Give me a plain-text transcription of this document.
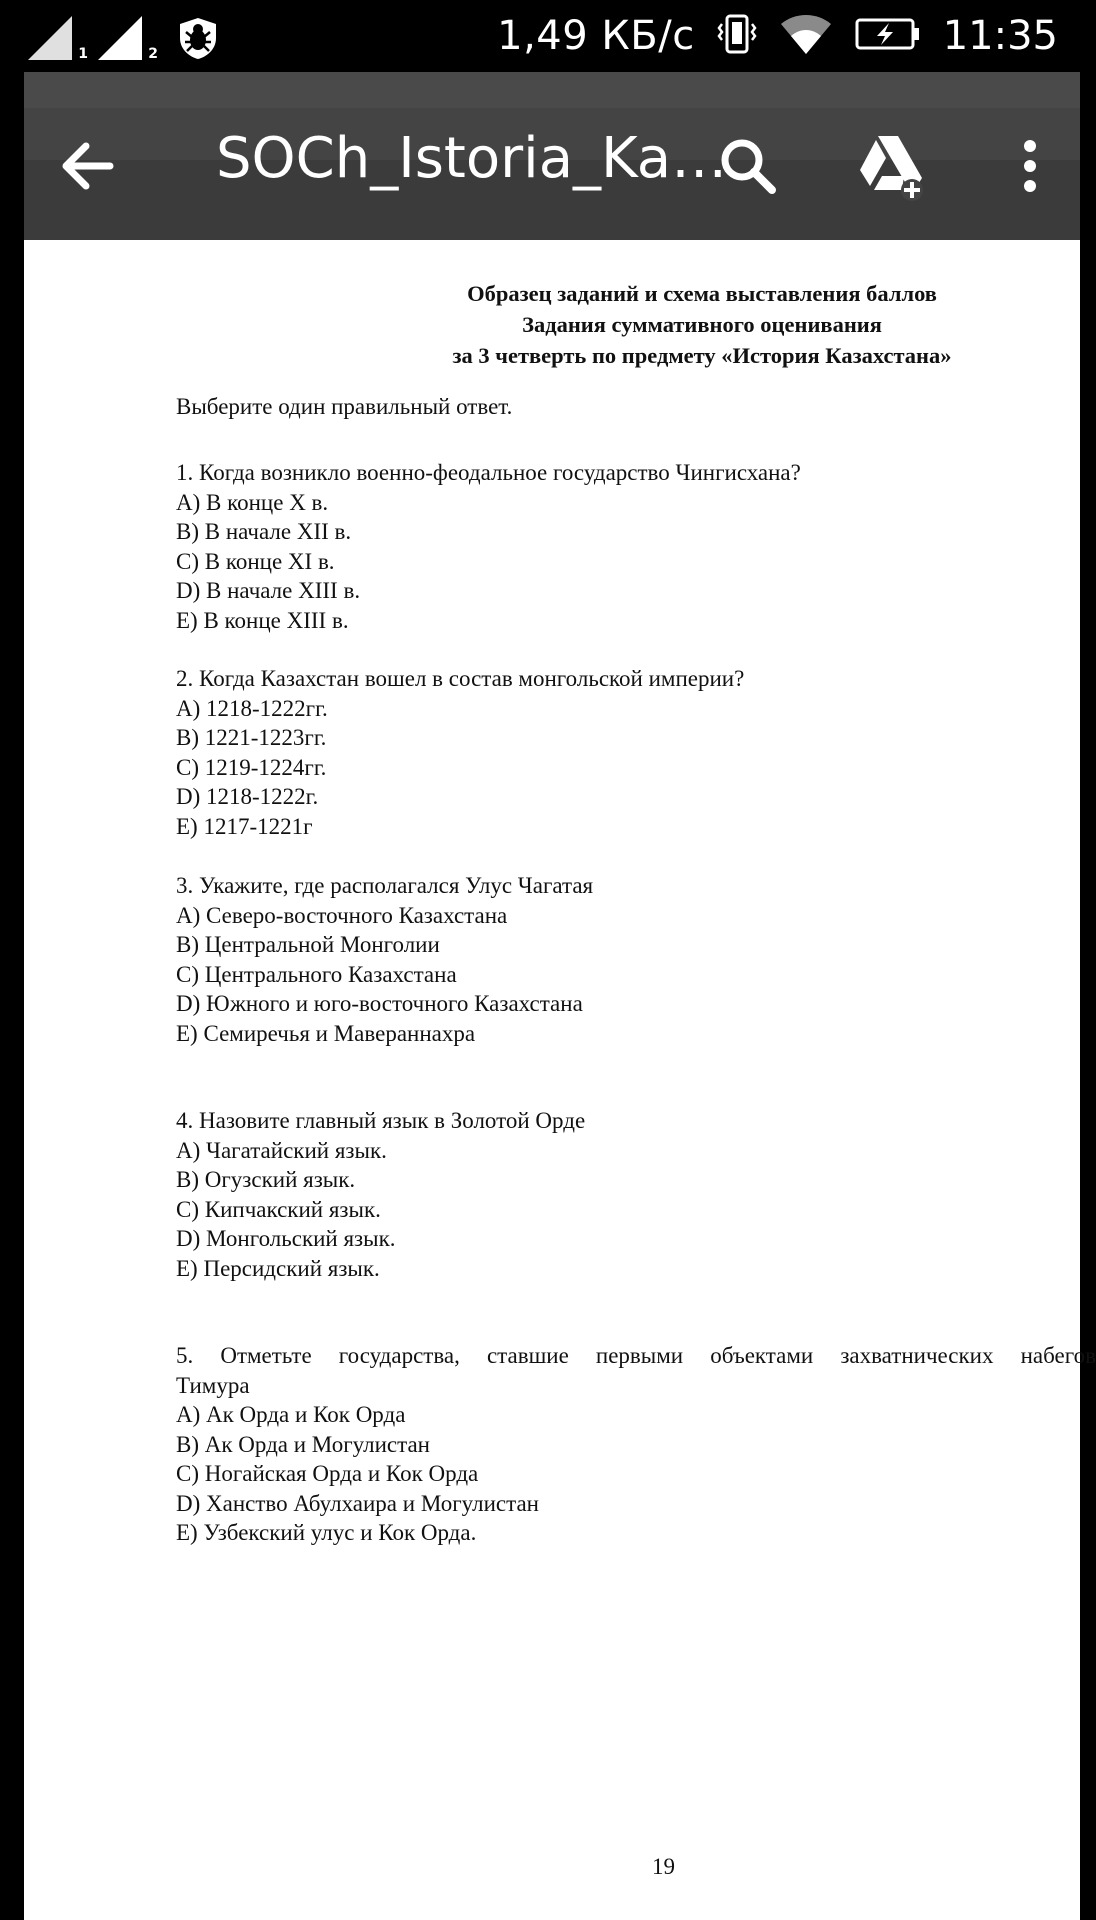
1	2	1,49 КБ/с	11:35
SOCh_Istoria_Ka…
Образец заданий и схема выставления баллов
Задания суммативного оценивания
за 3 четверть по предмету «История Казахстана»
Выберите один правильный ответ.
1. Когда возникло военно-феодальное государство Чингисхана?
A) В конце X в.
B) В начале XII в.
C) В конце XI в.
D) В начале XIII в.
E) В конце XIII в.
2. Когда Казахстан вошел в состав монгольской империи?
A) 1218-1222гг.
B) 1221-1223гг.
C) 1219-1224гг.
D) 1218-1222г.
E) 1217-1221г
3. Укажите, где располагался Улус Чагатая
A) Северо-восточного Казахстана
B) Центральной Монголии
C) Центрального Казахстана
D) Южного и юго-восточного Казахстана
E) Семиречья и Мавераннахра
4. Назовите главный язык в Золотой Орде
A) Чагатайский язык.
B) Огузский язык.
C) Кипчакский язык.
D) Монгольский язык.
E) Персидский язык.
5. Отметьте государства, ставшие первыми объектами захватнических набегов
Тимура
A) Ак Орда и Кок Орда
B) Ак Орда и Могулистан
C) Ногайская Орда и Кок Орда
D) Ханство Абулхаира и Могулистан
E) Узбекский улус и Кок Орда.
19
